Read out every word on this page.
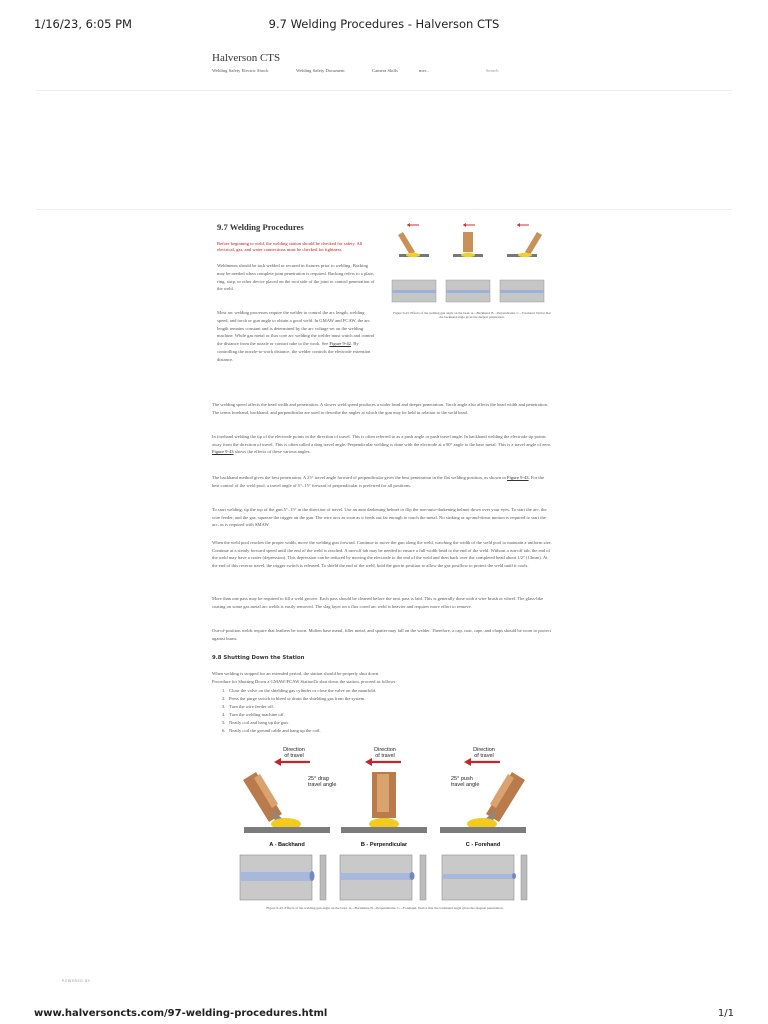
1/16/23, 6:05 PM	9.7 Welding Procedures - Halverson CTS
Halverson CTS
Welding Safety Electric Shock	Welding Safety Document	Camera Skills	mer...	Search
9.7 Welding Procedures

Before beginning to weld, the welding station should be checked for safety. All electrical, gas, and water connections must be checked for tightness.

Weldments should be tack welded or secured in fixtures prior to welding. Backing may be needed when complete joint penetration is required. Backing refers to a plate, ring, strip, or other device placed on the root side of the joint to control penetration of the weld.

Most arc welding processes require the welder to control the arc length, welding speed, and torch or gun angle to obtain a good weld. In GMAW and FCAW, the arc length remains constant and is determined by the arc voltage set on the welding machine. While gas metal or flux core arc welding the welder must watch and control the distance from the nozzle or contact tube to the work. See Figure 9-42. By controlling the nozzle-to-work distance, the welder controls the electrode extension distance.

Figure 9-43. Effects of the welding gun angle on the bead. A—Backhand. B—Perpendicular. C—Forehand. Notice that the backhand angle gives the deepest penetration.

The welding speed affects the bead width and penetration. A slower weld speed produces a wider bead and deeper penetration. Torch angle also affects the bead width and penetration. The terms forehand, backhand, and perpendicular are used to describe the angles at which the gun may be held in relation to the weld bead.

In forehand welding the tip of the electrode points in the direction of travel. This is often referred to as a push angle or push travel angle. In backhand welding the electrode tip points away from the direction of travel. This is often called a drag travel angle. Perpendicular welding is done with the electrode at a 90° angle to the base metal. This is a travel angle of zero. Figure 9-43 shows the effects of these various angles.

The backhand method gives the best penetration. A 25° travel angle forward of perpendicular gives the best penetration in the flat welding position, as shown in Figure 9-43. For the best control of the weld pool, a travel angle of 5°–15° forward of perpendicular is preferred for all positions.

To start welding, tip the top of the gun 5°–15° in the direction of travel. Use an auto darkening helmet or flip the non-auto-darkening helmet down over your eyes. To start the arc, the wire feeder, and the gas, squeeze the trigger on the gun. The wire arcs as soon as it feeds out far enough to touch the metal. No striking or up-and-down motion is required to start the arc, as is required with SMAW.

When the weld pool reaches the proper width, move the welding gun forward. Continue to move the gun along the weld, watching the width of the weld pool to maintain a uniform size. Continue at a steady forward speed until the end of the weld is reached. A run-off tab may be needed to ensure a full-width bead to the end of the weld. Without a run-off tab, the end of the weld may have a crater (depression). This depression can be reduced by moving the electrode to the end of the weld and then back over the completed bead about 1/2" (13mm). At the end of this reverse travel, the trigger switch is released. To shield the end of the weld, hold the gun in position to allow the gas postflow to protect the weld until it cools.

More than one pass may be required to fill a weld groove. Each pass should be cleaned before the next pass is laid. This is generally done with a wire brush or wheel. The glass-like coating on some gas metal arc welds is easily removed. The slag layer on a flux cored arc weld is heavier and requires more effort to remove.

Out-of-position welds require that leathers be worn. Molten base metal, filler metal, and spatter may fall on the welder. Therefore, a cap, coat, cape, and chaps should be worn to protect against burns.

9.8 Shutting Down the Station

When welding is stopped for an extended period, the station should be properly shut down.

Procedure for Shutting Down a GMAW/FCAW StationTo shut down the station, proceed as follows:

1. Close the valve on the shielding gas cylinder or close the valve on the manifold.
2. Press the purge switch to bleed or drain the shielding gas from the system.
3. Turn the wire feeder off.
4. Turn the welding machine off.
5. Neatly coil and hang up the gun.
6. Neatly coil the ground cable and hang up the coil.
Direction
of travel
25° drag
travel angle
A - Backhand
Direction
of travel
B - Perpendicular
Direction
of travel
25° push
travel angle
C - Forehand

Figure 9-43. Effects of the welding gun angle on the bead. A—Backhand. B—Perpendicular. C—Forehand. Notice that the backhand angle gives the deepest penetration.

POWERED BY
www.halversoncts.com/97-welding-procedures.html	1/1
